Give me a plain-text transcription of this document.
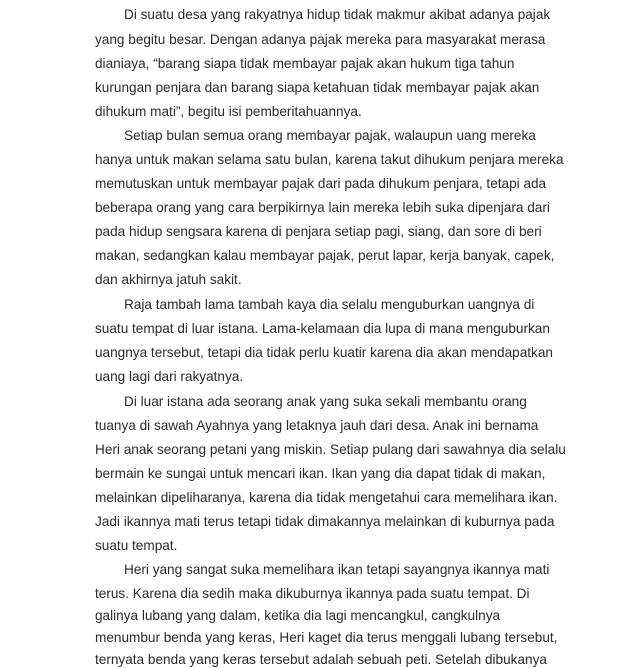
Di suatu desa yang rakyatnya hidup tidak makmur akibat adanya pajak

yang begitu besar. Dengan adanya pajak mereka para masyarakat merasa

dianiaya, “barang siapa tidak membayar pajak akan hukum tiga tahun

kurungan penjara dan barang siapa ketahuan tidak membayar pajak akan

dihukum mati”, begitu isi pemberitahuannya.

Setiap bulan semua orang membayar pajak, walaupun uang mereka

hanya untuk makan selama satu bulan, karena takut dihukum penjara mereka

memutuskan untuk membayar pajak dari pada dihukum penjara, tetapi ada

beberapa orang yang cara berpikirnya lain mereka lebih suka dipenjara dari

pada hidup sengsara karena di penjara setiap pagi, siang, dan sore di beri

makan, sedangkan kalau membayar pajak, perut lapar, kerja banyak, capek,

dan akhirnya jatuh sakit.

Raja tambah lama tambah kaya dia selalu menguburkan uangnya di

suatu tempat di luar istana. Lama-kelamaan dia lupa di mana menguburkan

uangnya tersebut, tetapi dia tidak perlu kuatir karena dia akan mendapatkan

uang lagi dari rakyatnya.

Di luar istana ada seorang anak yang suka sekali membantu orang

tuanya di sawah Ayahnya yang letaknya jauh dari desa. Anak ini bernama

Heri anak seorang petani yang miskin. Setiap pulang dari sawahnya dia selalu

bermain ke sungai untuk mencari ikan. Ikan yang dia dapat tidak di makan,

melainkan dipeliharanya, karena dia tidak mengetahui cara memelihara ikan.

Jadi ikannya mati terus tetapi tidak dimakannya melainkan di kuburnya pada

suatu tempat.

Heri yang sangat suka memelihara ikan tetapi sayangnya ikannya mati

terus. Karena dia sedih maka dikuburnya ikannya pada suatu tempat. Di

galinya lubang yang dalam, ketika dia lagi mencangkul, cangkulnya

menumbur benda yang keras, Heri kaget dia terus menggali lubang tersebut,

ternyata benda yang keras tersebut adalah sebuah peti. Setelah dibukanya
